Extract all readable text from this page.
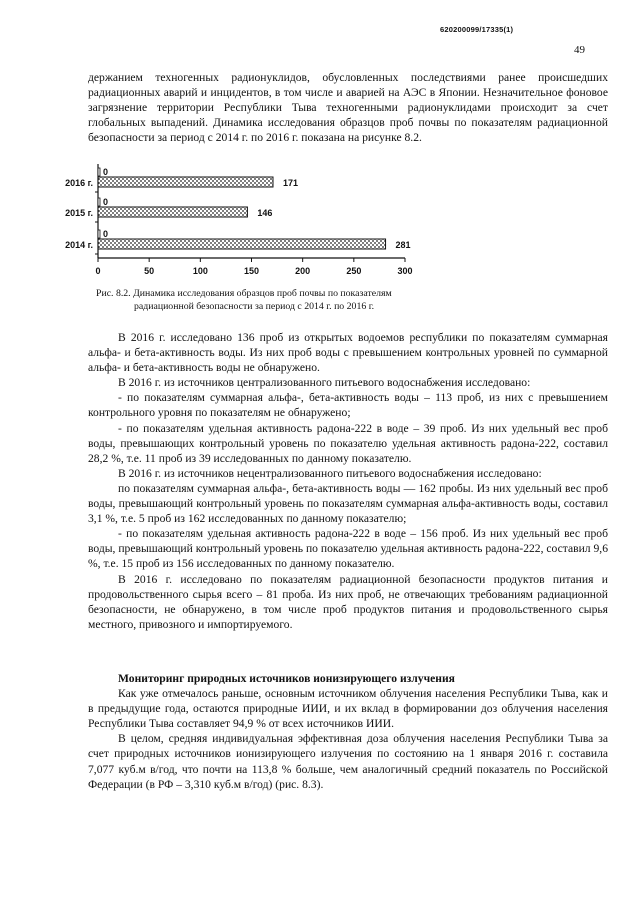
620200099/17335(1)
49

держанием техногенных радионуклидов, обусловленных последствиями ранее происшедших радиационных аварий и инцидентов, в том числе и аварией на АЭС в Японии. Незначительное фоновое загрязнение территории Республики Тыва техногенными радионуклидами происходит за счет глобальных выпадений. Динамика исследования образцов проб почвы по показателям радиационной безопасности за период с 2014 г. по 2016 г. показана на рисунке 8.2.

0	50	100	150	200	250	300
2016 г.
0
171
2015 г.
0
146
2014 г.
0
281
Рис. 8.2. Динамика исследования образцов проб почвы по показателям
радиационной безопасности за период с 2014 г. по 2016 г.

В 2016 г. исследовано 136 проб из открытых водоемов республики по показателям суммарная альфа- и бета-активность воды. Из них проб воды с превышением контрольных уровней по суммарной альфа- и бета-активность воды не обнаружено.

В 2016 г. из источников централизованного питьевого водоснабжения исследовано:

- по показателям суммарная альфа-, бета-активность воды – 113 проб, из них с превышением контрольного уровня по показателям не обнаружено;

- по показателям удельная активность радона-222 в воде – 39 проб. Из них удельный вес проб воды, превышающих контрольный уровень по показателю удельная активность радона-222, составил 28,2 %, т.е. 11 проб из 39 исследованных по данному показателю.

В 2016 г. из источников нецентрализованного питьевого водоснабжения исследовано:

по показателям суммарная альфа-, бета-активность воды — 162 пробы. Из них удельный вес проб воды, превышающий контрольный уровень по показателям суммарная альфа-активность воды, составил 3,1 %, т.е. 5 проб из 162 исследованных по данному показателю;

- по показателям удельная активность радона-222 в воде – 156 проб. Из них удельный вес проб воды, превышающий контрольный уровень по показателю удельная активность радона-222, составил 9,6 %, т.е. 15 проб из 156 исследованных по данному показателю.

В 2016 г. исследовано по показателям радиационной безопасности продуктов питания и продовольственного сырья всего – 81 проба. Из них проб, не отвечающих требованиям радиационной безопасности, не обнаружено, в том числе проб продуктов питания и продовольственного сырья местного, привозного и импортируемого.

Мониторинг природных источников ионизирующего излучения

Как уже отмечалось раньше, основным источником облучения населения Республики Тыва, как и в предыдущие года, остаются природные ИИИ, и их вклад в формировании доз облучения населения Республики Тыва составляет 94,9 % от всех источников ИИИ.

В целом, средняя индивидуальная эффективная доза облучения населения Республики Тыва за счет природных источников ионизирующего излучения по состоянию на 1 января 2016 г. составила 7,077 куб.м в/год, что почти на 113,8 % больше, чем аналогичный средний показатель по Российской Федерации (в РФ – 3,310 куб.м в/год) (рис. 8.3).
